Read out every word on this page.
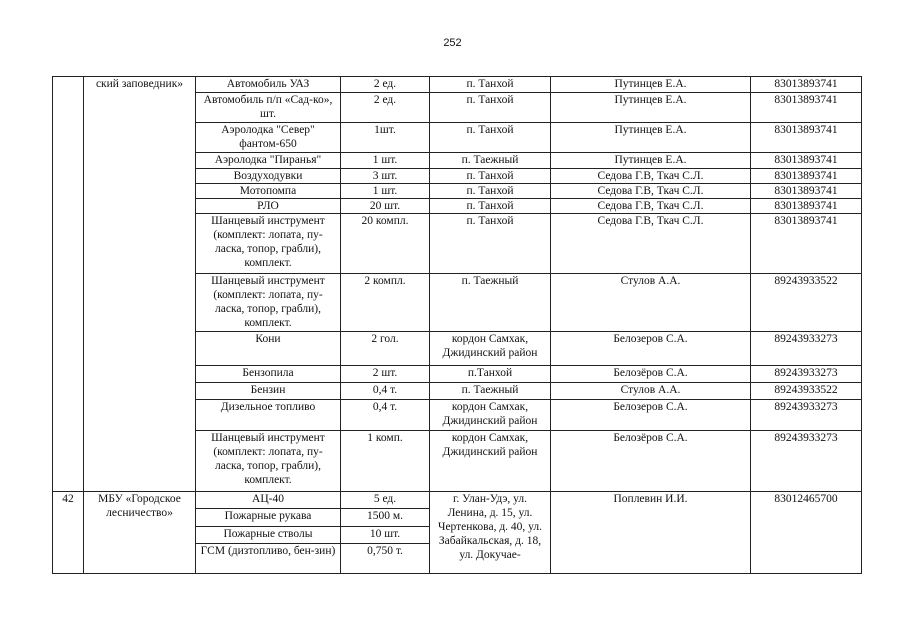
252
	ский заповедник»	Автомобиль УАЗ	2 ед.	п. Танхой	Путинцев Е.А.	83013893741
		Автомобиль п/п «Сад-ко», шт.	2 ед.	п. Танхой	Путинцев Е.А.	83013893741
		Аэролодка "Север" фантом-650	1шт.	п. Танхой	Путинцев Е.А.	83013893741
		Аэролодка "Пиранья"	1 шт.	п. Таежный	Путинцев Е.А.	83013893741
		Воздуходувки	3 шт.	п. Танхой	Седова Г.В, Ткач С.Л.	83013893741
		Мотопомпа	1 шт.	п. Танхой	Седова Г.В, Ткач С.Л.	83013893741
		РЛО	20 шт.	п. Танхой	Седова Г.В, Ткач С.Л.	83013893741
		Шанцевый инструмент (комплект: лопата, пу-ласка, топор, грабли), комплект.	20 компл.	п. Танхой	Седова Г.В, Ткач С.Л.	83013893741
		Шанцевый инструмент (комплект: лопата, пу-ласка, топор, грабли), комплект.	2 компл.	п. Таежный	Стулов А.А.	89243933522
		Кони	2 гол.	кордон Самхак, Джидинский район	Белозеров С.А.	89243933273
		Бензопила	2 шт.	п.Танхой	Белозёров С.А.	89243933273
		Бензин	0,4 т.	п. Таежный	Стулов А.А.	89243933522
		Дизельное топливо	0,4 т.	кордон Самхак, Джидинский район	Белозеров С.А.	89243933273
		Шанцевый инструмент (комплект: лопата, пу-ласка, топор, грабли), комплект.	1 комп.	кордон Самхак, Джидинский район	Белозёров С.А.	89243933273
42	МБУ «Городское лесничество»	АЦ-40	5 ед.	г. Улан-Удэ, ул. Ленина, д. 15, ул. Чертенкова, д. 40, ул. Забайкальская, д. 18, ул. Докучае-	Поплевин И.И.	83012465700
		Пожарные рукава	1500 м.			
		Пожарные стволы	10 шт.			
		ГСМ (дизтопливо, бен-зин)	0,750 т.			
